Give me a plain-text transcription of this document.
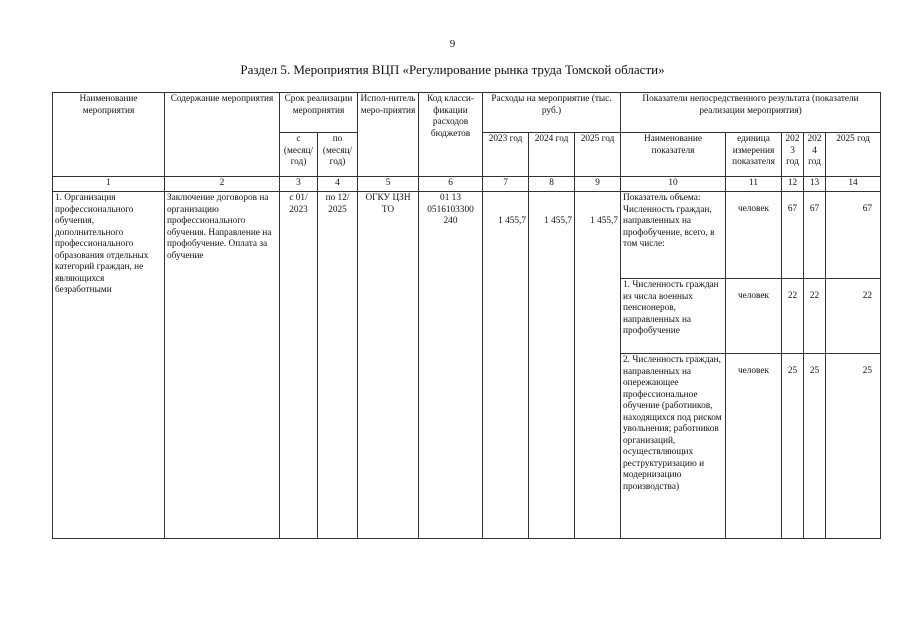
9
Раздел 5. Мероприятия ВЦП «Регулирование рынка труда Томской области»
Наименование мероприятия	Содержание мероприятия	Срок реализации мероприятия		Испол-нитель меро-приятия	Код класси-фикации расходов бюджетов	Расходы на мероприятие (тыс. руб.)			Показатели непосредственного результата (показатели реализации мероприятия)				
		с (месяц/ год)	по (месяц/ год)			2023 год	2024 год	2025 год	Наименование показателя	единица измерения показателя	2023 год	2024 год	2025 год
1	2	3	4	5	6	7	8	9	10	11	12	13	14
1. Организация профессионального обучения, дополнительного профессионального образования отдельных категорий граждан, не являющихся безработными	Заключение договоров на организацию профессионального обучения. Направление на профобучение. Оплата за обучение	с 01/ 2023	по 12/ 2025	ОГКУ ЦЗН ТО	01 13 0516103300 240	1 455,7	1 455,7	1 455,7	Показатель объема: Численность граждан, направленных на профобучение, всего, в том числе:	человек	67	67	67
									1. Численность граждан из числа военных пенсионеров, направленных на профобучение	человек	22	22	22
									2. Численность граждан, направленных на опережающее профессиональное обучение (работников, находящихся под риском увольнения; работников организаций, осуществляющих реструктуризацию и модернизацию производства)	человек	25	25	25
